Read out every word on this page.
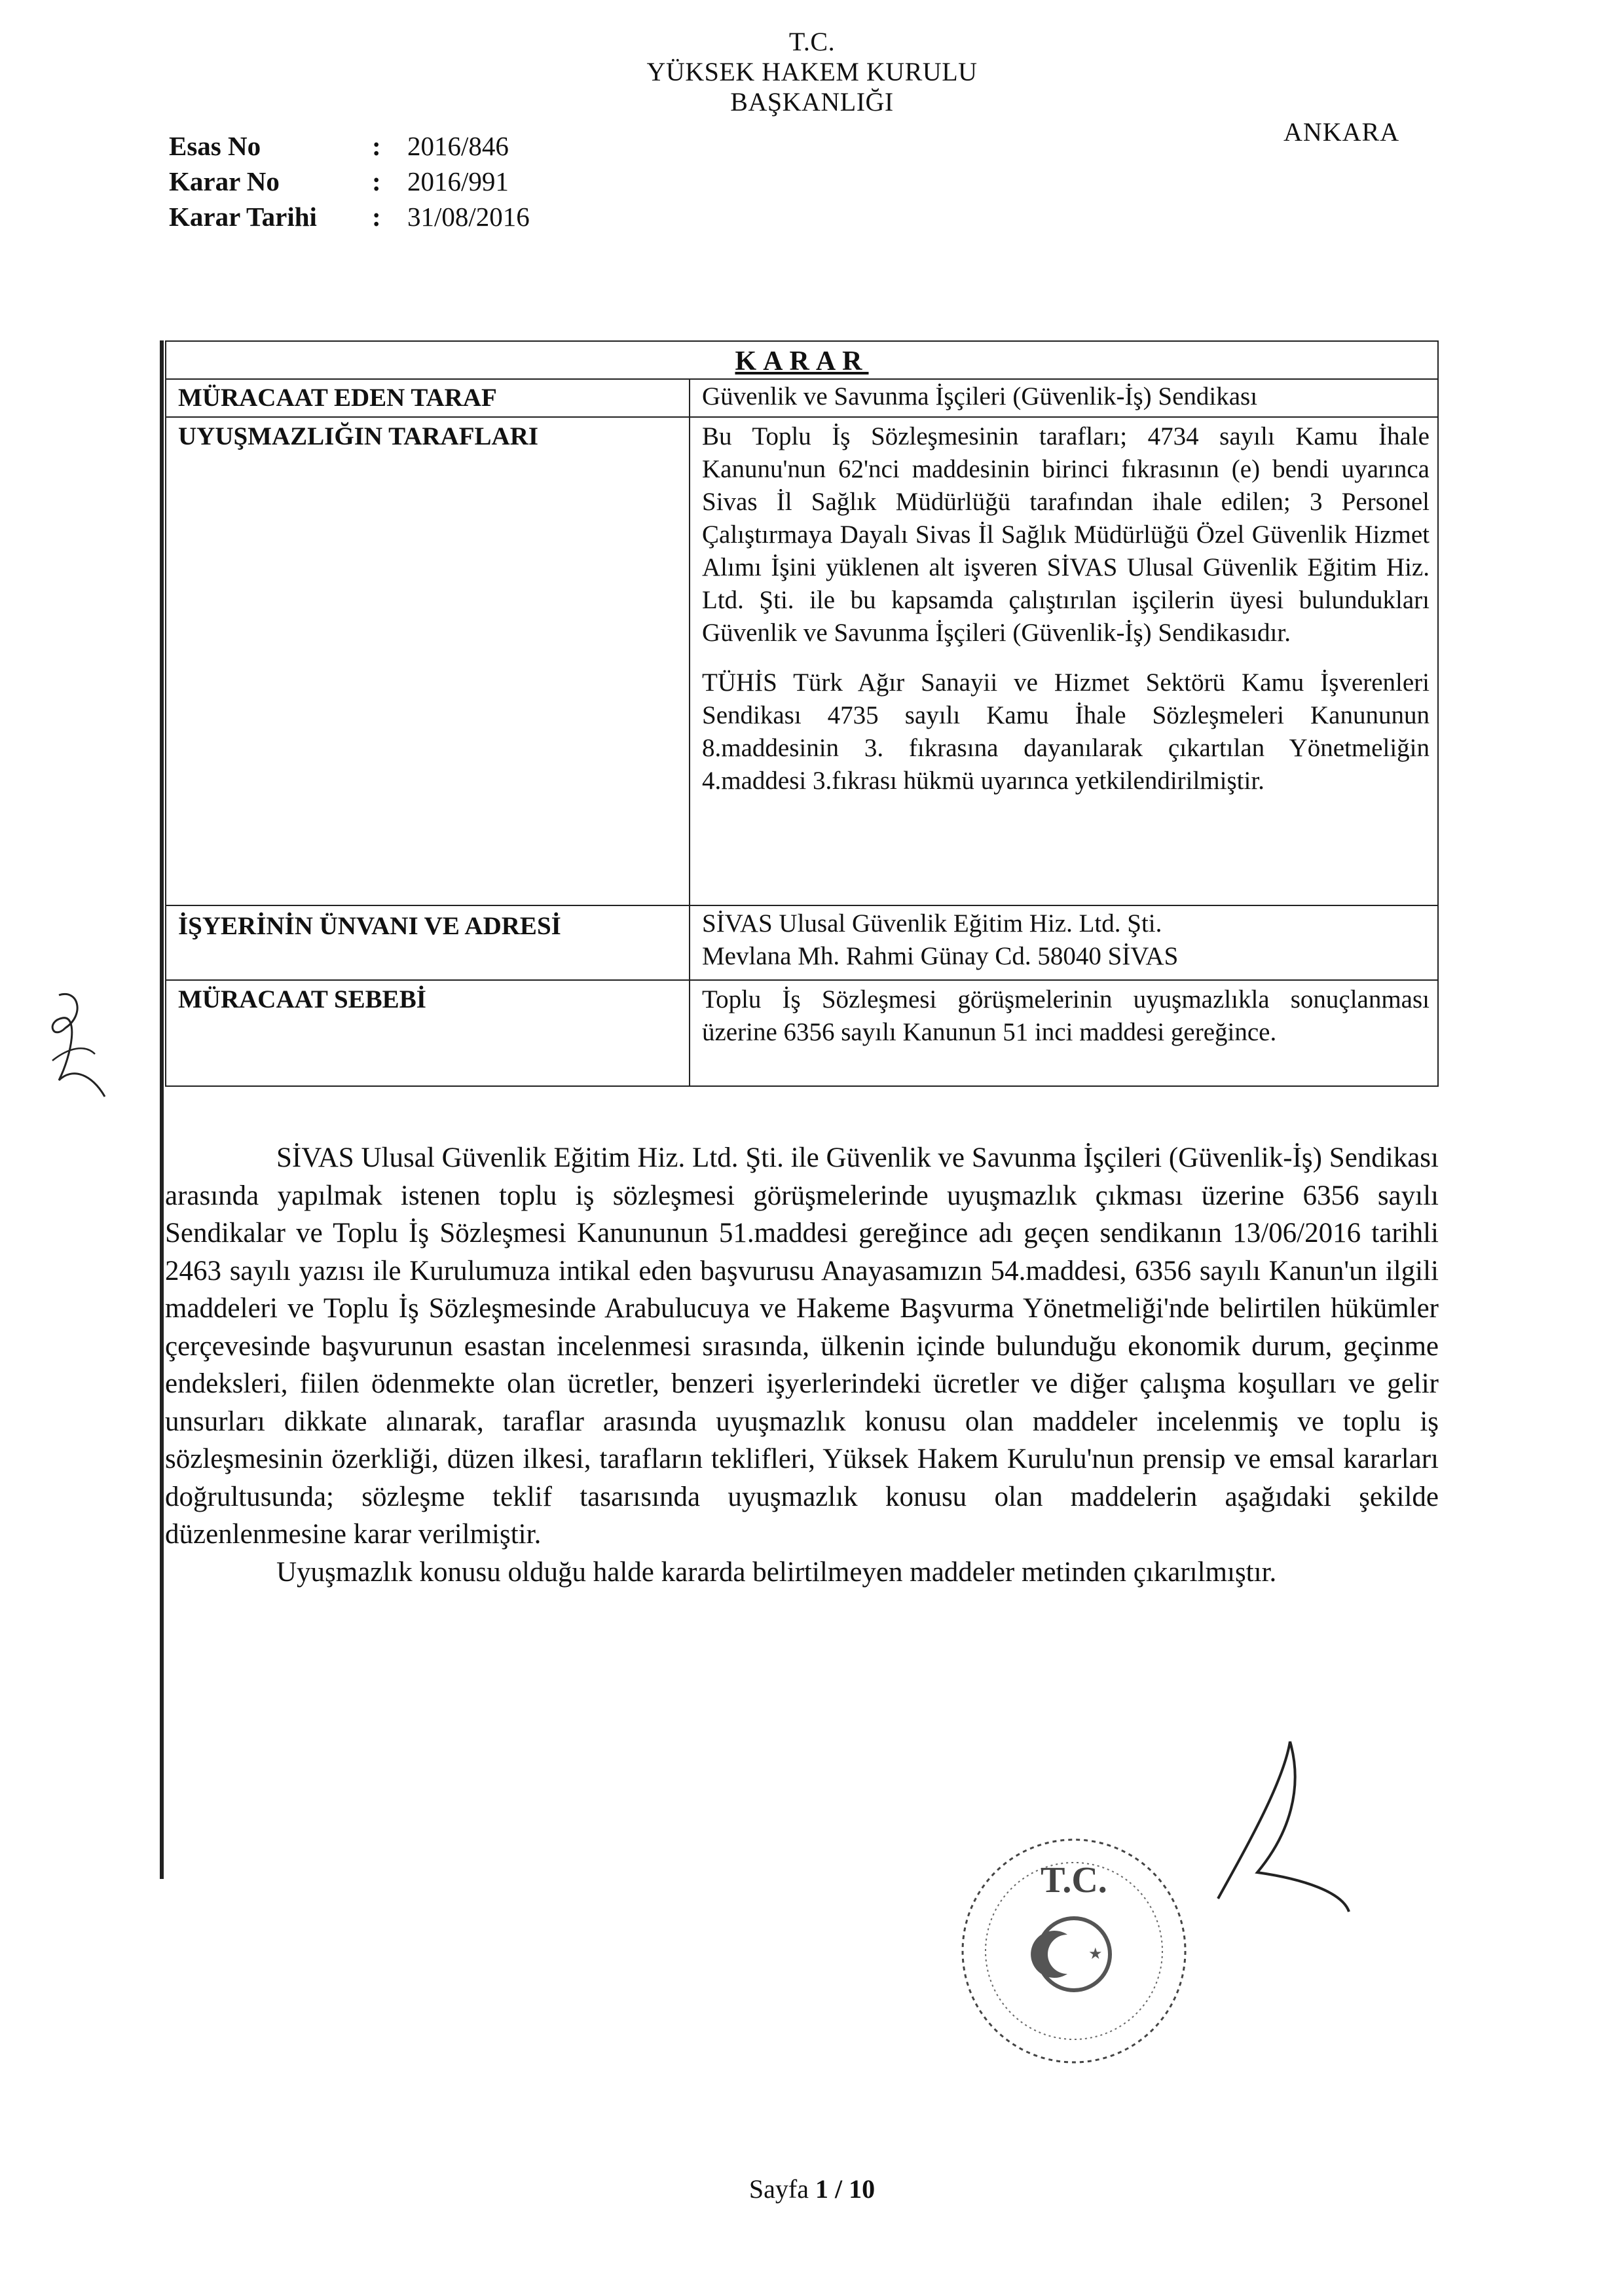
T.C.
YÜKSEK HAKEM KURULU
BAŞKANLIĞI
ANKARA
Esas No	: 2016/846
Karar No	: 2016/991
Karar Tarihi	: 31/08/2016
KARAR
MÜRACAAT EDEN TARAF	Güvenlik ve Savunma İşçileri (Güvenlik-İş) Sendikası
UYUŞMAZLIĞIN TARAFLARI	Bu Toplu İş Sözleşmesinin tarafları; 4734 sayılı Kamu İhale Kanunu'nun 62'nci maddesinin birinci fıkrasının (e) bendi uyarınca Sivas İl Sağlık Müdürlüğü tarafından ihale edilen; 3 Personel Çalıştırmaya Dayalı Sivas İl Sağlık Müdürlüğü Özel Güvenlik Hizmet Alımı İşini yüklenen alt işveren SİVAS Ulusal Güvenlik Eğitim Hiz. Ltd. Şti. ile bu kapsamda çalıştırılan işçilerin üyesi bulundukları Güvenlik ve Savunma İşçileri (Güvenlik-İş) Sendikasıdır.

TÜHİS Türk Ağır Sanayii ve Hizmet Sektörü Kamu İşverenleri Sendikası 4735 sayılı Kamu İhale Sözleşmeleri Kanununun 8.maddesinin 3. fıkrasına dayanılarak çıkartılan Yönetmeliğin 4.maddesi 3.fıkrası hükmü uyarınca yetkilendirilmiştir.

İŞYERİNİN ÜNVANI VE ADRESİ	SİVAS Ulusal Güvenlik Eğitim Hiz. Ltd. Şti.

Mevlana Mh. Rahmi Günay Cd. 58040 SİVAS

MÜRACAAT SEBEBİ	Toplu İş Sözleşmesi görüşmelerinin uyuşmazlıkla sonuçlanması üzerine 6356 sayılı Kanunun 51 inci maddesi gereğince.

SİVAS Ulusal Güvenlik Eğitim Hiz. Ltd. Şti. ile Güvenlik ve Savunma İşçileri (Güvenlik-İş) Sendikası arasında yapılmak istenen toplu iş sözleşmesi görüşmelerinde uyuşmazlık çıkması üzerine 6356 sayılı Sendikalar ve Toplu İş Sözleşmesi Kanununun 51.maddesi gereğince adı geçen sendikanın 13/06/2016 tarihli 2463 sayılı yazısı ile Kurulumuza intikal eden başvurusu Anayasamızın 54.maddesi, 6356 sayılı Kanun'un ilgili maddeleri ve Toplu İş Sözleşmesinde Arabulucuya ve Hakeme Başvurma Yönetmeliği'nde belirtilen hükümler çerçevesinde başvurunun esastan incelenmesi sırasında, ülkenin içinde bulunduğu ekonomik durum, geçinme endeksleri, fiilen ödenmekte olan ücretler, benzeri işyerlerindeki ücretler ve diğer çalışma koşulları ve gelir unsurları dikkate alınarak, taraflar arasında uyuşmazlık konusu olan maddeler incelenmiş ve toplu iş sözleşmesinin özerkliği, düzen ilkesi, tarafların teklifleri, Yüksek Hakem Kurulu'nun prensip ve emsal kararları doğrultusunda; sözleşme teklif tasarısında uyuşmazlık konusu olan maddelerin aşağıdaki şekilde düzenlenmesine karar verilmiştir.

Uyuşmazlık konusu olduğu halde kararda belirtilmeyen maddeler metinden çıkarılmıştır.

★
T.C.
Sayfa 1 / 10
